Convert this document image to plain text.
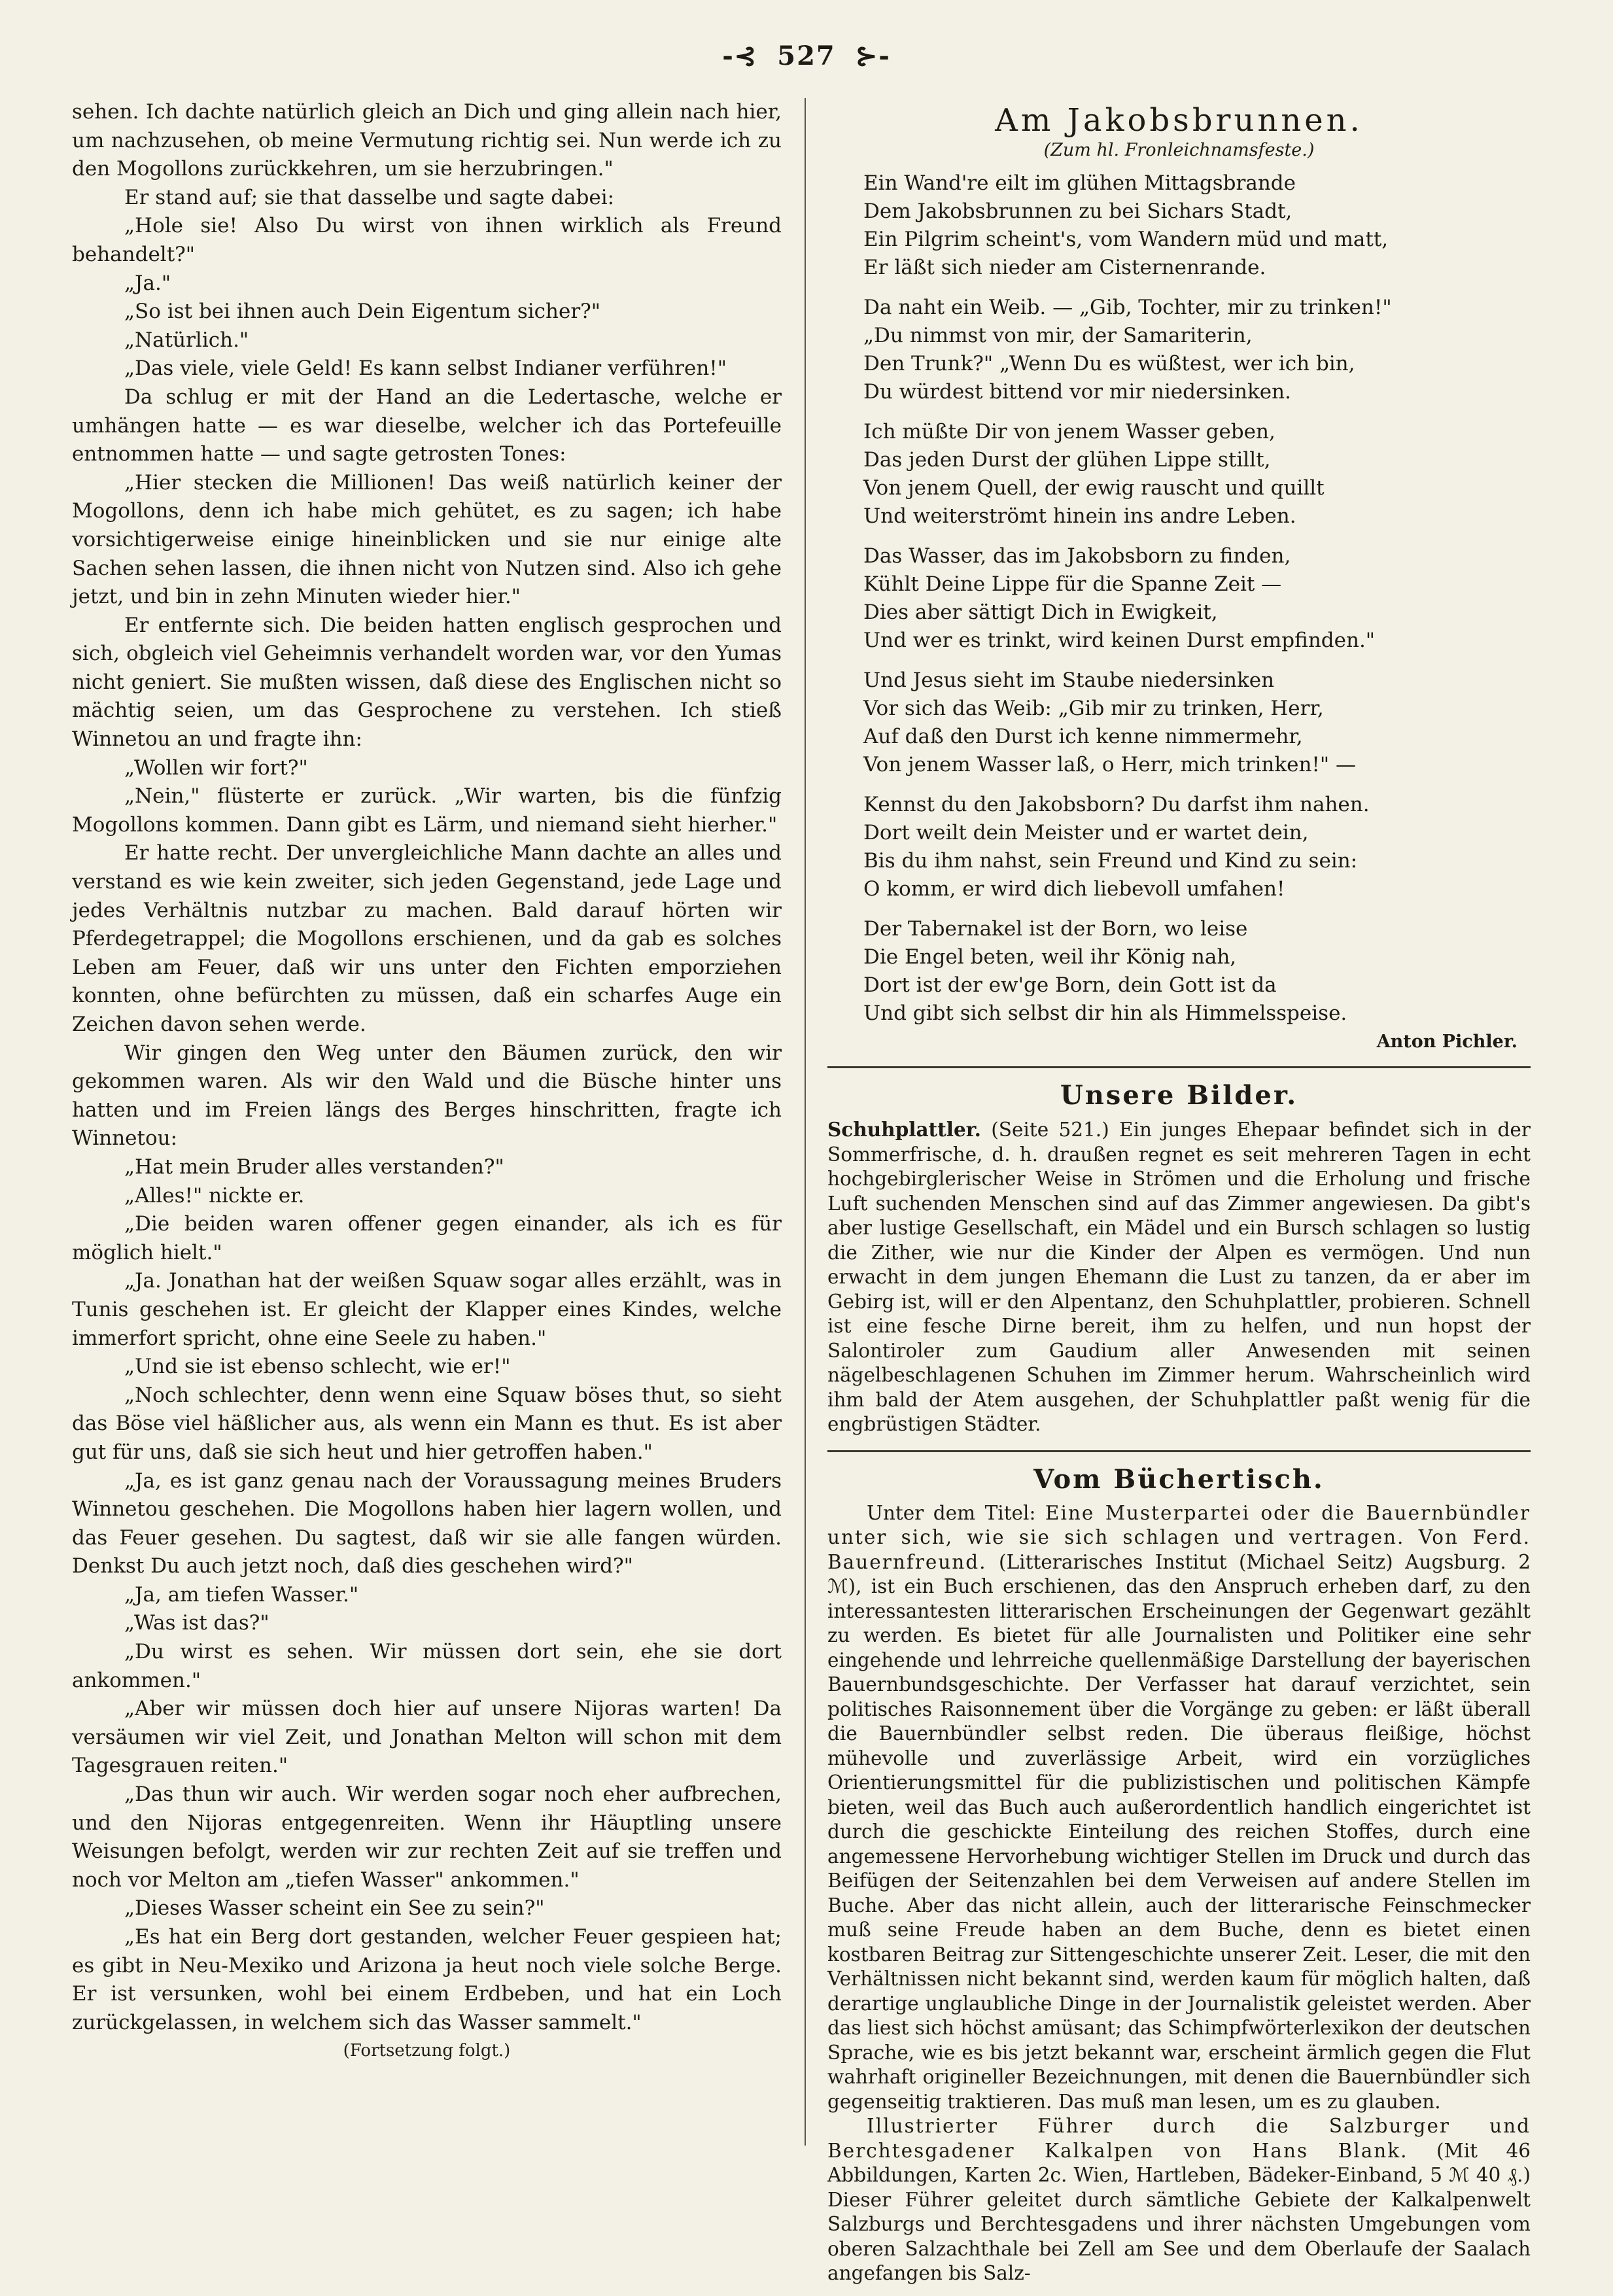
-⊰ 527 ⊱-

sehen. Ich dachte natürlich gleich an Dich und ging allein nach hier, um nachzusehen, ob meine Vermutung richtig sei. Nun werde ich zu den Mogollons zurückkehren, um sie herzubringen."

Er stand auf; sie that dasselbe und sagte dabei:

„Hole sie! Also Du wirst von ihnen wirklich als Freund behandelt?"

„Ja."

„So ist bei ihnen auch Dein Eigentum sicher?"

„Natürlich."

„Das viele, viele Geld! Es kann selbst Indianer verführen!"

Da schlug er mit der Hand an die Ledertasche, welche er umhängen hatte — es war dieselbe, welcher ich das Portefeuille entnommen hatte — und sagte getrosten Tones:

„Hier stecken die Millionen! Das weiß natürlich keiner der Mogollons, denn ich habe mich gehütet, es zu sagen; ich habe vorsichtigerweise einige hineinblicken und sie nur einige alte Sachen sehen lassen, die ihnen nicht von Nutzen sind. Also ich gehe jetzt, und bin in zehn Minuten wieder hier."

Er entfernte sich. Die beiden hatten englisch gesprochen und sich, obgleich viel Geheimnis verhandelt worden war, vor den Yumas nicht geniert. Sie mußten wissen, daß diese des Englischen nicht so mächtig seien, um das Gesprochene zu verstehen. Ich stieß Winnetou an und fragte ihn:

„Wollen wir fort?"

„Nein," flüsterte er zurück. „Wir warten, bis die fünfzig Mogollons kommen. Dann gibt es Lärm, und niemand sieht hierher."

Er hatte recht. Der unvergleichliche Mann dachte an alles und verstand es wie kein zweiter, sich jeden Gegenstand, jede Lage und jedes Verhältnis nutzbar zu machen. Bald darauf hörten wir Pferdegetrappel; die Mogollons erschienen, und da gab es solches Leben am Feuer, daß wir uns unter den Fichten emporziehen konnten, ohne befürchten zu müssen, daß ein scharfes Auge ein Zeichen davon sehen werde.

Wir gingen den Weg unter den Bäumen zurück, den wir gekommen waren. Als wir den Wald und die Büsche hinter uns hatten und im Freien längs des Berges hinschritten, fragte ich Winnetou:

„Hat mein Bruder alles verstanden?"

„Alles!" nickte er.

„Die beiden waren offener gegen einander, als ich es für möglich hielt."

„Ja. Jonathan hat der weißen Squaw sogar alles erzählt, was in Tunis geschehen ist. Er gleicht der Klapper eines Kindes, welche immerfort spricht, ohne eine Seele zu haben."

„Und sie ist ebenso schlecht, wie er!"

„Noch schlechter, denn wenn eine Squaw böses thut, so sieht das Böse viel häßlicher aus, als wenn ein Mann es thut. Es ist aber gut für uns, daß sie sich heut und hier getroffen haben."

„Ja, es ist ganz genau nach der Voraussagung meines Bruders Winnetou geschehen. Die Mogollons haben hier lagern wollen, und das Feuer gesehen. Du sagtest, daß wir sie alle fangen würden. Denkst Du auch jetzt noch, daß dies geschehen wird?"

„Ja, am tiefen Wasser."

„Was ist das?"

„Du wirst es sehen. Wir müssen dort sein, ehe sie dort ankommen."

„Aber wir müssen doch hier auf unsere Nijoras warten! Da versäumen wir viel Zeit, und Jonathan Melton will schon mit dem Tagesgrauen reiten."

„Das thun wir auch. Wir werden sogar noch eher aufbrechen, und den Nijoras entgegenreiten. Wenn ihr Häuptling unsere Weisungen befolgt, werden wir zur rechten Zeit auf sie treffen und noch vor Melton am „tiefen Wasser" ankommen."

„Dieses Wasser scheint ein See zu sein?"

„Es hat ein Berg dort gestanden, welcher Feuer gespieen hat; es gibt in Neu-Mexiko und Arizona ja heut noch viele solche Berge. Er ist versunken, wohl bei einem Erdbeben, und hat ein Loch zurückgelassen, in welchem sich das Wasser sammelt."

(Fortsetzung folgt.)

Am Jakobsbrunnen.
(Zum hl. Fronleichnamsfeste.)
Ein Wand're eilt im glühen Mittagsbrande
Dem Jakobsbrunnen zu bei Sichars Stadt,
Ein Pilgrim scheint's, vom Wandern müd und matt,
Er läßt sich nieder am Cisternenrande.
Da naht ein Weib. — „Gib, Tochter, mir zu trinken!"
„Du nimmst von mir, der Samariterin,
Den Trunk?" „Wenn Du es wüßtest, wer ich bin,
Du würdest bittend vor mir niedersinken.
Ich müßte Dir von jenem Wasser geben,
Das jeden Durst der glühen Lippe stillt,
Von jenem Quell, der ewig rauscht und quillt
Und weiterströmt hinein ins andre Leben.
Das Wasser, das im Jakobsborn zu finden,
Kühlt Deine Lippe für die Spanne Zeit —
Dies aber sättigt Dich in Ewigkeit,
Und wer es trinkt, wird keinen Durst empfinden."
Und Jesus sieht im Staube niedersinken
Vor sich das Weib: „Gib mir zu trinken, Herr,
Auf daß den Durst ich kenne nimmermehr,
Von jenem Wasser laß, o Herr, mich trinken!" —
Kennst du den Jakobsborn? Du darfst ihm nahen.
Dort weilt dein Meister und er wartet dein,
Bis du ihm nahst, sein Freund und Kind zu sein:
O komm, er wird dich liebevoll umfahen!
Der Tabernakel ist der Born, wo leise
Die Engel beten, weil ihr König nah,
Dort ist der ew'ge Born, dein Gott ist da
Und gibt sich selbst dir hin als Himmelsspeise.
Anton Pichler.
Unsere Bilder.

Schuhplattler. (Seite 521.) Ein junges Ehepaar befindet sich in der Sommerfrische, d. h. draußen regnet es seit mehreren Tagen in echt hochgebirglerischer Weise in Strömen und die Erholung und frische Luft suchenden Menschen sind auf das Zimmer angewiesen. Da gibt's aber lustige Gesellschaft, ein Mädel und ein Bursch schlagen so lustig die Zither, wie nur die Kinder der Alpen es vermögen. Und nun erwacht in dem jungen Ehemann die Lust zu tanzen, da er aber im Gebirg ist, will er den Alpentanz, den Schuhplattler, probieren. Schnell ist eine fesche Dirne bereit, ihm zu helfen, und nun hopst der Salontiroler zum Gaudium aller Anwesenden mit seinen nägelbeschlagenen Schuhen im Zimmer herum. Wahrscheinlich wird ihm bald der Atem ausgehen, der Schuhplattler paßt wenig für die engbrüstigen Städter.

Vom Büchertisch.

Unter dem Titel: Eine Musterpartei oder die Bauernbündler unter sich, wie sie sich schlagen und vertragen. Von Ferd. Bauernfreund. (Litterarisches Institut (Michael Seitz) Augsburg. 2 ℳ), ist ein Buch erschienen, das den Anspruch erheben darf, zu den interessantesten litterarischen Erscheinungen der Gegenwart gezählt zu werden. Es bietet für alle Journalisten und Politiker eine sehr eingehende und lehrreiche quellenmäßige Darstellung der bayerischen Bauernbundsgeschichte. Der Verfasser hat darauf verzichtet, sein politisches Raisonnement über die Vorgänge zu geben: er läßt überall die Bauernbündler selbst reden. Die überaus fleißige, höchst mühevolle und zuverlässige Arbeit, wird ein vorzügliches Orientierungsmittel für die publizistischen und politischen Kämpfe bieten, weil das Buch auch außerordentlich handlich eingerichtet ist durch die geschickte Einteilung des reichen Stoffes, durch eine angemessene Hervorhebung wichtiger Stellen im Druck und durch das Beifügen der Seitenzahlen bei dem Verweisen auf andere Stellen im Buche. Aber das nicht allein, auch der litterarische Feinschmecker muß seine Freude haben an dem Buche, denn es bietet einen kostbaren Beitrag zur Sittengeschichte unserer Zeit. Leser, die mit den Verhältnissen nicht bekannt sind, werden kaum für möglich halten, daß derartige unglaubliche Dinge in der Journalistik geleistet werden. Aber das liest sich höchst amüsant; das Schimpfwörterlexikon der deutschen Sprache, wie es bis jetzt bekannt war, erscheint ärmlich gegen die Flut wahrhaft origineller Bezeichnungen, mit denen die Bauernbündler sich gegenseitig traktieren. Das muß man lesen, um es zu glauben.

Illustrierter Führer durch die Salzburger und Berchtesgadener Kalkalpen von Hans Blank. (Mit 46 Abbildungen, Karten 2c. Wien, Hartleben, Bädeker-Einband, 5 ℳ 40 ₰.) Dieser Führer geleitet durch sämtliche Gebiete der Kalkalpenwelt Salzburgs und Berchtesgadens und ihrer nächsten Umgebungen vom oberen Salzachthale bei Zell am See und dem Oberlaufe der Saalach angefangen bis Salz-
